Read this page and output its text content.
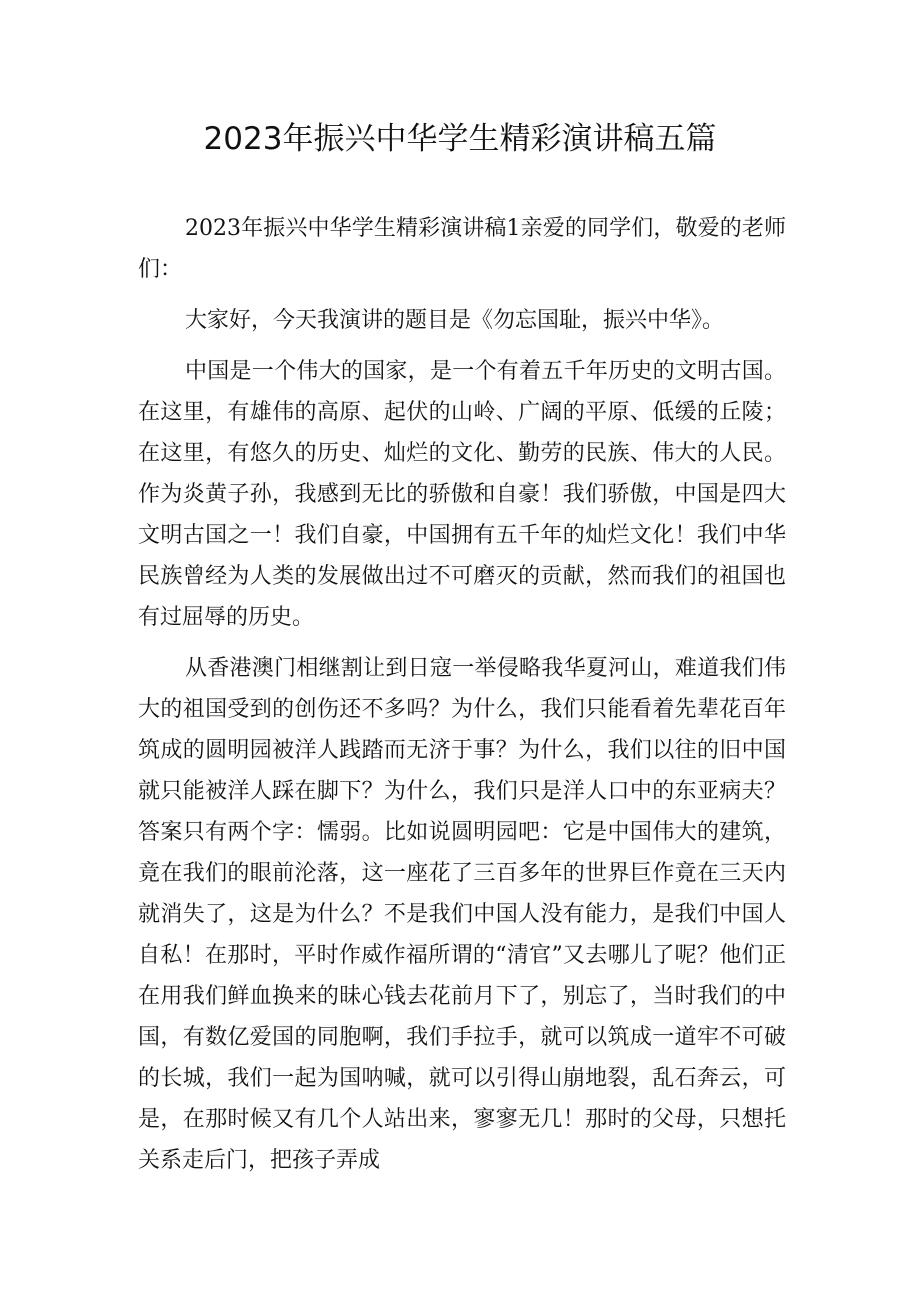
2023年振兴中华学生精彩演讲稿五篇

2023年振兴中华学生精彩演讲稿1亲爱的同学们，敬爱的老师们：

大家好，今天我演讲的题目是《勿忘国耻，振兴中华》。

中国是一个伟大的国家，是一个有着五千年历史的文明古国。在这里，有雄伟的高原、起伏的山岭、广阔的平原、低缓的丘陵；在这里，有悠久的历史、灿烂的文化、勤劳的民族、伟大的人民。作为炎黄子孙，我感到无比的骄傲和自豪！我们骄傲，中国是四大文明古国之一！我们自豪，中国拥有五千年的灿烂文化！我们中华民族曾经为人类的发展做出过不可磨灭的贡献，然而我们的祖国也有过屈辱的历史。

从香港澳门相继割让到日寇一举侵略我华夏河山，难道我们伟大的祖国受到的创伤还不多吗？为什么，我们只能看着先辈花百年筑成的圆明园被洋人践踏而无济于事？为什么，我们以往的旧中国就只能被洋人踩在脚下？为什么，我们只是洋人口中的东亚病夫？答案只有两个字：懦弱。比如说圆明园吧：它是中国伟大的建筑，竟在我们的眼前沦落，这一座花了三百多年的世界巨作竟在三天内就消失了，这是为什么？不是我们中国人没有能力，是我们中国人自私！在那时，平时作威作福所谓的“清官”又去哪儿了呢？他们正在用我们鲜血换来的昧心钱去花前月下了，别忘了，当时我们的中国，有数亿爱国的同胞啊，我们手拉手，就可以筑成一道牢不可破的长城，我们一起为国呐喊，就可以引得山崩地裂，乱石奔云，可是，在那时候又有几个人站出来，寥寥无几！那时的父母，只想托关系走后门，把孩子弄成
